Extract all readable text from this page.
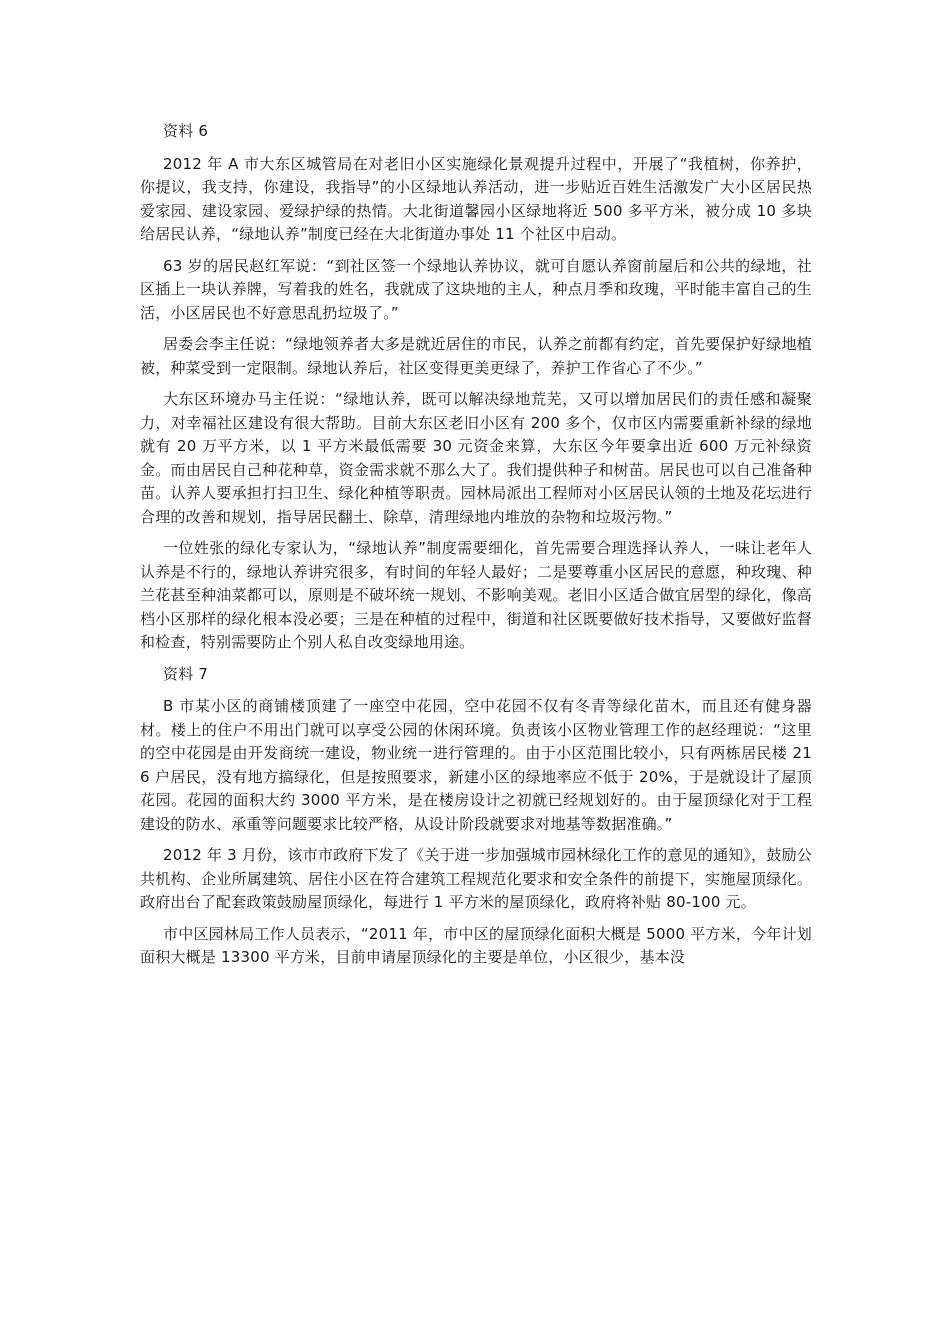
资料 6

2012 年 A 市大东区城管局在对老旧小区实施绿化景观提升过程中，开展了“我植树，你养护，你提议，我支持，你建设，我指导”的小区绿地认养活动，进一步贴近百姓生活激发广大小区居民热爱家园、建设家园、爱绿护绿的热情。大北街道馨园小区绿地将近 500 多平方米，被分成 10 多块给居民认养，“绿地认养”制度已经在大北街道办事处 11 个社区中启动。

63 岁的居民赵红军说：“到社区签一个绿地认养协议，就可自愿认养窗前屋后和公共的绿地，社区插上一块认养牌，写着我的姓名，我就成了这块地的主人，种点月季和玫瑰，平时能丰富自己的生活，小区居民也不好意思乱扔垃圾了。”

居委会李主任说：“绿地领养者大多是就近居住的市民，认养之前都有约定，首先要保护好绿地植被，种菜受到一定限制。绿地认养后，社区变得更美更绿了，养护工作省心了不少。”

大东区环境办马主任说：“绿地认养，既可以解决绿地荒芜，又可以增加居民们的责任感和凝聚力，对幸福社区建设有很大帮助。目前大东区老旧小区有 200 多个，仅市区内需要重新补绿的绿地就有 20 万平方米，以 1 平方米最低需要 30 元资金来算，大东区今年要拿出近 600 万元补绿资金。而由居民自己种花种草，资金需求就不那么大了。我们提供种子和树苗。居民也可以自己准备种苗。认养人要承担打扫卫生、绿化种植等职责。园林局派出工程师对小区居民认领的土地及花坛进行合理的改善和规划，指导居民翻土、除草，清理绿地内堆放的杂物和垃圾污物。”

一位姓张的绿化专家认为，“绿地认养”制度需要细化，首先需要合理选择认养人，一味让老年人认养是不行的，绿地认养讲究很多，有时间的年轻人最好；二是要尊重小区居民的意愿，种玫瑰、种兰花甚至种油菜都可以，原则是不破坏统一规划、不影响美观。老旧小区适合做宜居型的绿化，像高档小区那样的绿化根本没必要；三是在种植的过程中，街道和社区既要做好技术指导，又要做好监督和检查，特别需要防止个别人私自改变绿地用途。

资料 7

B 市某小区的商铺楼顶建了一座空中花园，空中花园不仅有冬青等绿化苗木，而且还有健身器材。楼上的住户不用出门就可以享受公园的休闲环境。负责该小区物业管理工作的赵经理说：“这里的空中花园是由开发商统一建设，物业统一进行管理的。由于小区范围比较小，只有两栋居民楼 216 户居民，没有地方搞绿化，但是按照要求，新建小区的绿地率应不低于 20%，于是就设计了屋顶花园。花园的面积大约 3000 平方米，是在楼房设计之初就已经规划好的。由于屋顶绿化对于工程建设的防水、承重等问题要求比较严格，从设计阶段就要求对地基等数据准确。”

2012 年 3 月份，该市市政府下发了《关于进一步加强城市园林绿化工作的意见的通知》，鼓励公共机构、企业所属建筑、居住小区在符合建筑工程规范化要求和安全条件的前提下，实施屋顶绿化。政府出台了配套政策鼓励屋顶绿化，每进行 1 平方米的屋顶绿化，政府将补贴 80-100 元。

市中区园林局工作人员表示，“2011 年，市中区的屋顶绿化面积大概是 5000 平方米，今年计划面积大概是 13300 平方米，目前申请屋顶绿化的主要是单位，小区很少，基本没
